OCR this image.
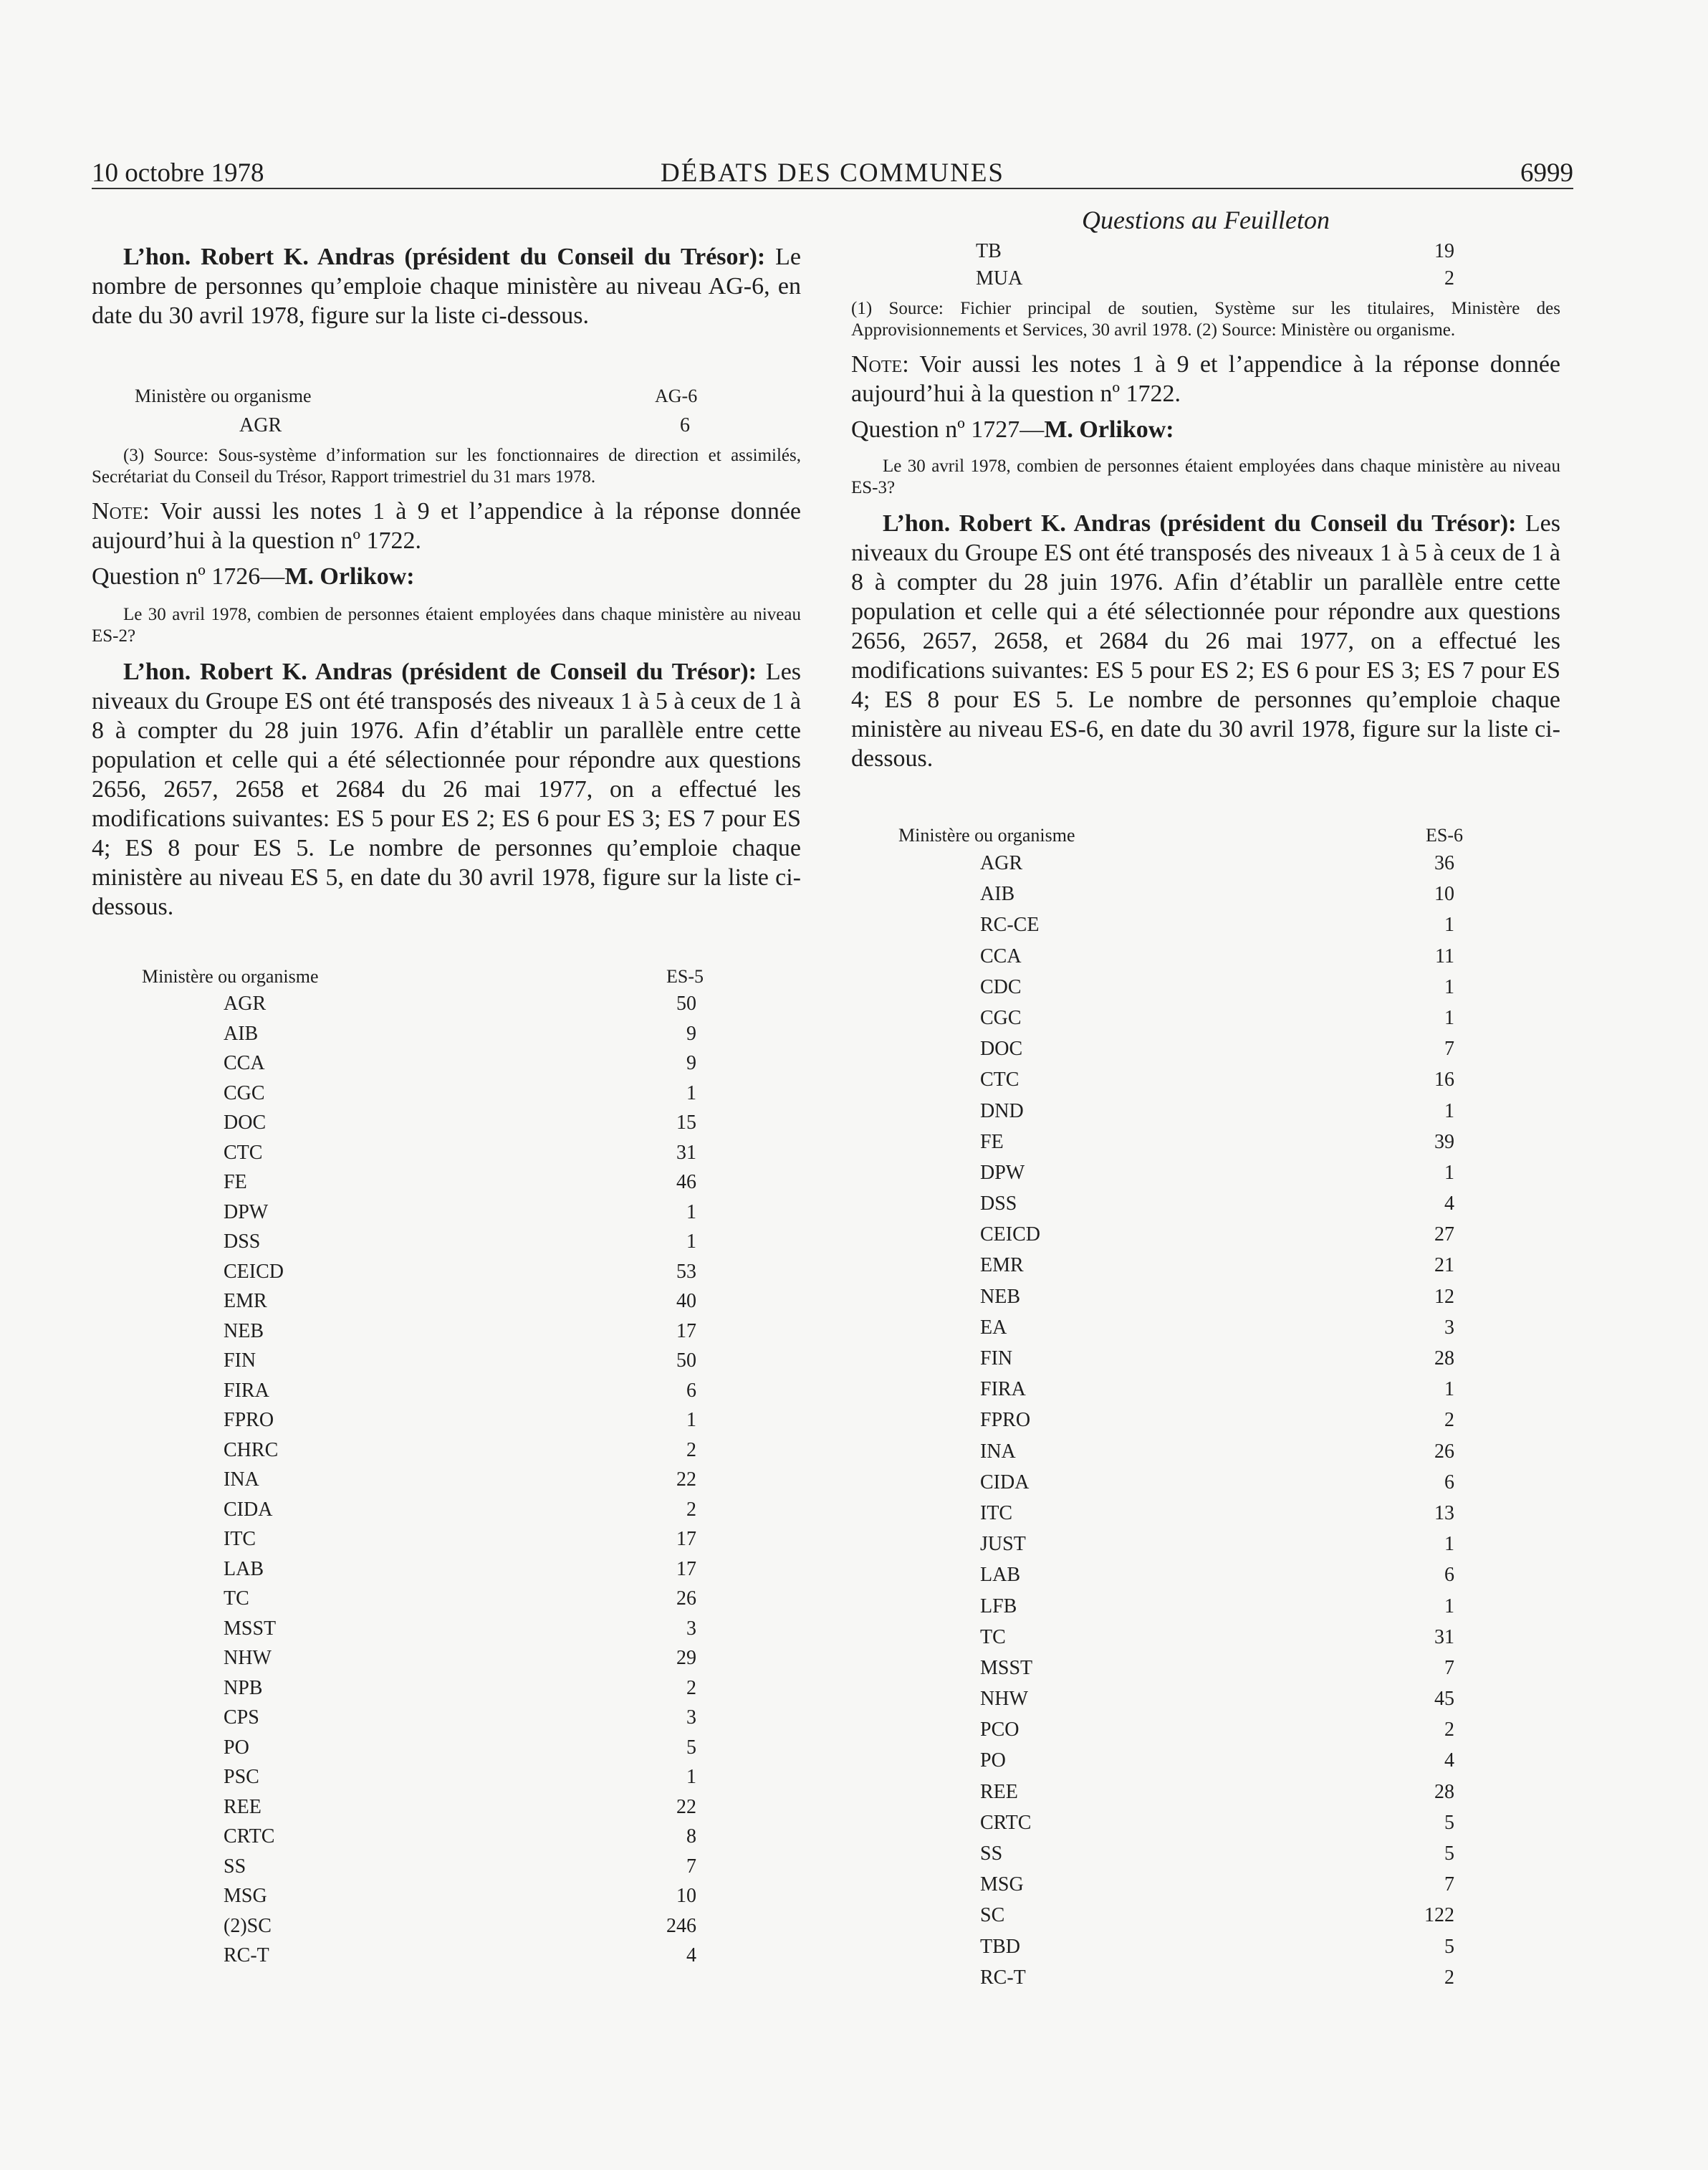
10 octobre 1978	DÉBATS DES COMMUNES	6999

L’hon. Robert K. Andras (président du Conseil du Trésor): Le nombre de personnes qu’emploie chaque ministère au niveau AG-6, en date du 30 avril 1978, figure sur la liste ci-dessous.

Ministère ou organisme	AG-6
AGR	6

(3) Source: Sous-système d’information sur les fonctionnaires de direction et assimilés, Secrétariat du Conseil du Trésor, Rapport trimestriel du 31 mars 1978.

Note: Voir aussi les notes 1 à 9 et l’appendice à la réponse donnée aujourd’hui à la question nº 1722.

Question nº 1726—M. Orlikow:

Le 30 avril 1978, combien de personnes étaient employées dans chaque ministère au niveau ES-2?

L’hon. Robert K. Andras (président de Conseil du Trésor): Les niveaux du Groupe ES ont été transposés des niveaux 1 à 5 à ceux de 1 à 8 à compter du 28 juin 1976. Afin d’établir un parallèle entre cette population et celle qui a été sélectionnée pour répondre aux questions 2656, 2657, 2658 et 2684 du 26 mai 1977, on a effectué les modifications suivantes: ES 5 pour ES 2; ES 6 pour ES 3; ES 7 pour ES 4; ES 8 pour ES 5. Le nombre de personnes qu’emploie chaque ministère au niveau ES 5, en date du 30 avril 1978, figure sur la liste ci-dessous.

Ministère ou organisme	ES-5
AGR	50
AIB	9
CCA	9
CGC	1
DOC	15
CTC	31
FE	46
DPW	1
DSS	1
CEICD	53
EMR	40
NEB	17
FIN	50
FIRA	6
FPRO	1
CHRC	2
INA	22
CIDA	2
ITC	17
LAB	17
TC	26
MSST	3
NHW	29
NPB	2
CPS	3
PO	5
PSC	1
REE	22
CRTC	8
SS	7
MSG	10
(2)SC	246
RC-T	4
Questions au Feuilleton
TB	19
MUA	2

(1) Source: Fichier principal de soutien, Système sur les titulaires, Ministère des Approvisionnements et Services, 30 avril 1978. (2) Source: Ministère ou organisme.

Note: Voir aussi les notes 1 à 9 et l’appendice à la réponse donnée aujourd’hui à la question nº 1722.

Question nº 1727—M. Orlikow:

Le 30 avril 1978, combien de personnes étaient employées dans chaque ministère au niveau ES-3?

L’hon. Robert K. Andras (président du Conseil du Trésor): Les niveaux du Groupe ES ont été transposés des niveaux 1 à 5 à ceux de 1 à 8 à compter du 28 juin 1976. Afin d’établir un parallèle entre cette population et celle qui a été sélectionnée pour répondre aux questions 2656, 2657, 2658, et 2684 du 26 mai 1977, on a effectué les modifications suivantes: ES 5 pour ES 2; ES 6 pour ES 3; ES 7 pour ES 4; ES 8 pour ES 5. Le nombre de personnes qu’emploie chaque ministère au niveau ES-6, en date du 30 avril 1978, figure sur la liste ci-dessous.

Ministère ou organisme	ES-6
AGR	36
AIB	10
RC-CE	1
CCA	11
CDC	1
CGC	1
DOC	7
CTC	16
DND	1
FE	39
DPW	1
DSS	4
CEICD	27
EMR	21
NEB	12
EA	3
FIN	28
FIRA	1
FPRO	2
INA	26
CIDA	6
ITC	13
JUST	1
LAB	6
LFB	1
TC	31
MSST	7
NHW	45
PCO	2
PO	4
REE	28
CRTC	5
SS	5
MSG	7
SC	122
TBD	5
RC-T	2
